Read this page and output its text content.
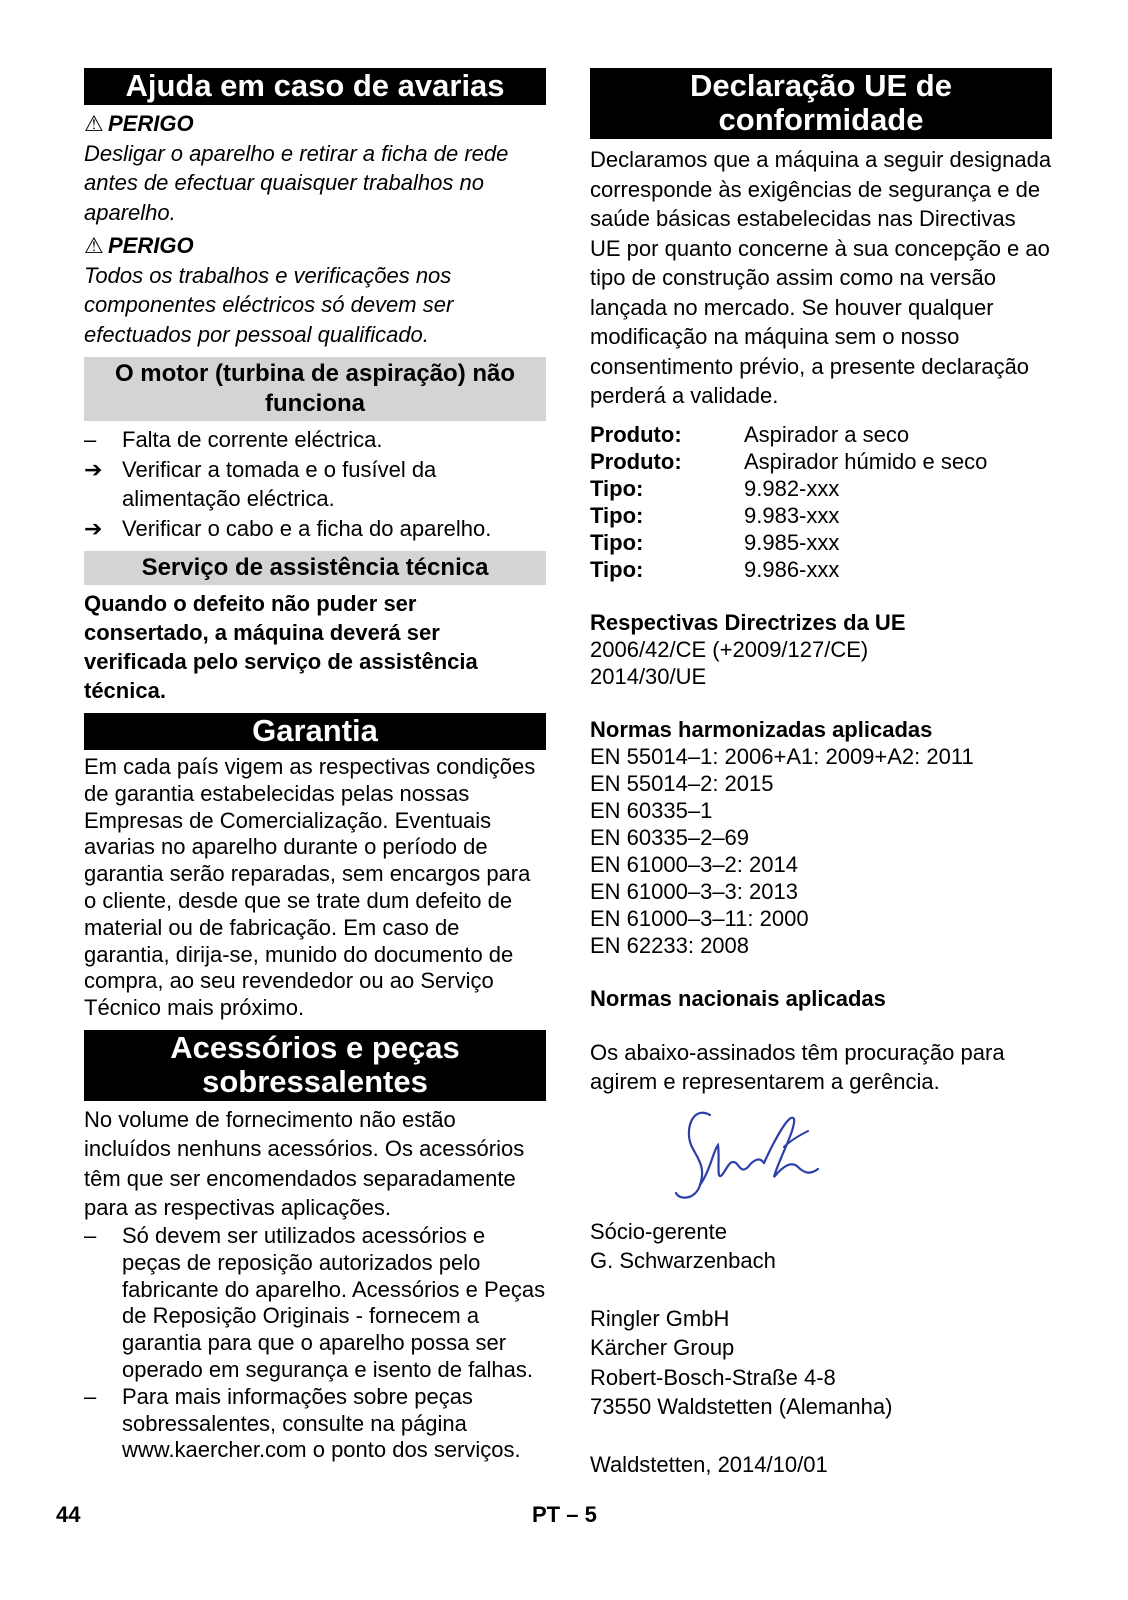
Ajuda em caso de avarias
⚠ PERIGO

Desligar o aparelho e retirar a ficha de rede antes de efectuar quaisquer trabalhos no aparelho.

⚠ PERIGO

Todos os trabalhos e verificações nos componentes eléctricos só devem ser efectuados por pessoal qualificado.

O motor (turbina de aspiração) não funciona
–	Falta de corrente eléctrica.
➔ Verificar a tomada e o fusível da alimentação eléctrica.
➔ Verificar o cabo e a ficha do aparelho.
Serviço de assistência técnica

Quando o defeito não puder ser consertado, a máquina deverá ser verificada pelo serviço de assistência técnica.

Garantia

Em cada país vigem as respectivas condições de garantia estabelecidas pelas nossas Empresas de Comercialização. Eventuais avarias no aparelho durante o período de garantia serão reparadas, sem encargos para o cliente, desde que se trate dum defeito de material ou de fabricação. Em caso de garantia, dirija-se, munido do documento de compra, ao seu revendedor ou ao Serviço Técnico mais próximo.

Acessórios e peças sobressalentes

No volume de fornecimento não estão incluídos nenhuns acessórios. Os acessórios têm que ser encomendados separadamente para as respectivas aplicações.

–	Só devem ser utilizados acessórios e peças de reposição autorizados pelo fabricante do aparelho. Acessórios e Peças de Reposição Originais - fornecem a garantia para que o aparelho possa ser operado em segurança e isento de falhas.
–	Para mais informações sobre peças sobressalentes, consulte na página www.kaercher.com o ponto dos serviços.
Declaração UE de conformidade

Declaramos que a máquina a seguir designada corresponde às exigências de segurança e de saúde básicas estabelecidas nas Directivas UE por quanto concerne à sua concepção e ao tipo de construção assim como na versão lançada no mercado. Se houver qualquer modificação na máquina sem o nosso consentimento prévio, a presente declaração perderá a validade.

Produto:	Aspirador a seco
Produto:	Aspirador húmido e seco
Tipo:	9.982-xxx
Tipo:	9.983-xxx
Tipo:	9.985-xxx
Tipo:	9.986-xxx
Respectivas Directrizes da UE
2006/42/CE (+2009/127/CE)
2014/30/UE
Normas harmonizadas aplicadas
EN 55014–1: 2006+A1: 2009+A2: 2011
EN 55014–2: 2015
EN 60335–1
EN 60335–2–69
EN 61000–3–2: 2014
EN 61000–3–3: 2013
EN 61000–3–11: 2000
EN 62233: 2008
Normas nacionais aplicadas

Os abaixo-assinados têm procuração para agirem e representarem a gerência.

Sócio-gerente

G. Schwarzenbach

Ringler GmbH

Kärcher Group

Robert-Bosch-Straße 4-8

73550 Waldstetten (Alemanha)

Waldstetten, 2014/10/01

44	PT – 5
